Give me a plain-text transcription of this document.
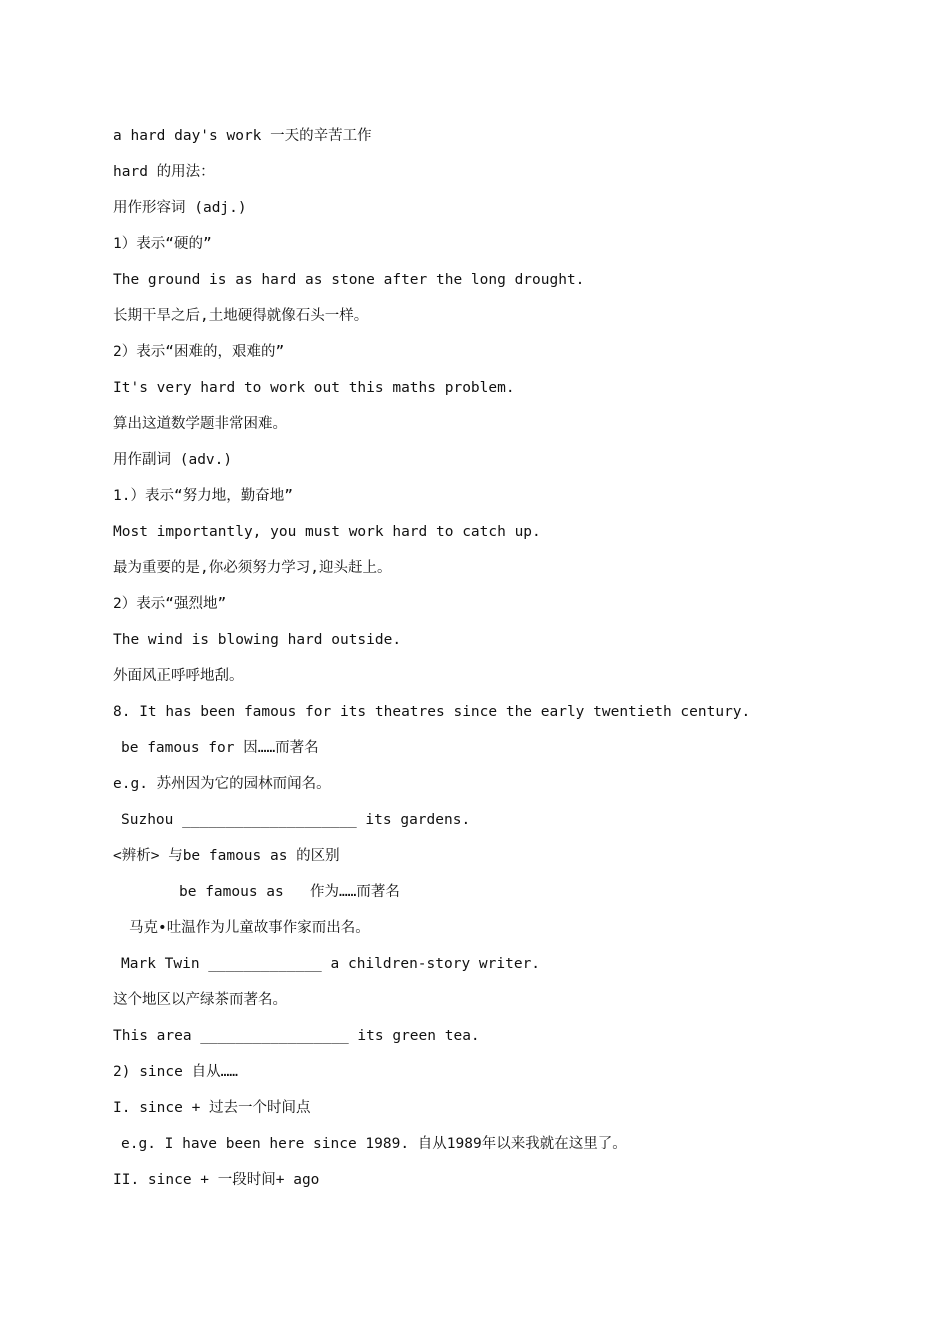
a hard day's work 一天的辛苦工作
hard 的用法：
用作形容词 (adj.)
1）表示“硬的”
The ground is as hard as stone after the long drought.
长期干旱之后,土地硬得就像石头一样。
2）表示“困难的，艰难的”
It's very hard to work out this maths problem.
算出这道数学题非常困难。
用作副词 (adv.)
1.）表示“努力地，勤奋地”
Most importantly, you must work hard to catch up.
最为重要的是,你必须努力学习,迎头赶上。
2）表示“强烈地”
The wind is blowing hard outside.
外面风正呼呼地刮。
8. It has been famous for its theatres since the early twentieth century.
be famous for 因……而著名
e.g. 苏州因为它的园林而闻名。
Suzhou ____________________ its gardens.
<辨析> 与be famous as 的区别
be famous as   作为……而著名
马克•吐温作为儿童故事作家而出名。
Mark Twin _____________ a children-story writer.
这个地区以产绿茶而著名。
This area _________________ its green tea.
2) since 自从……
I. since + 过去一个时间点
e.g. I have been here since 1989. 自从1989年以来我就在这里了。
II. since + 一段时间+ ago
